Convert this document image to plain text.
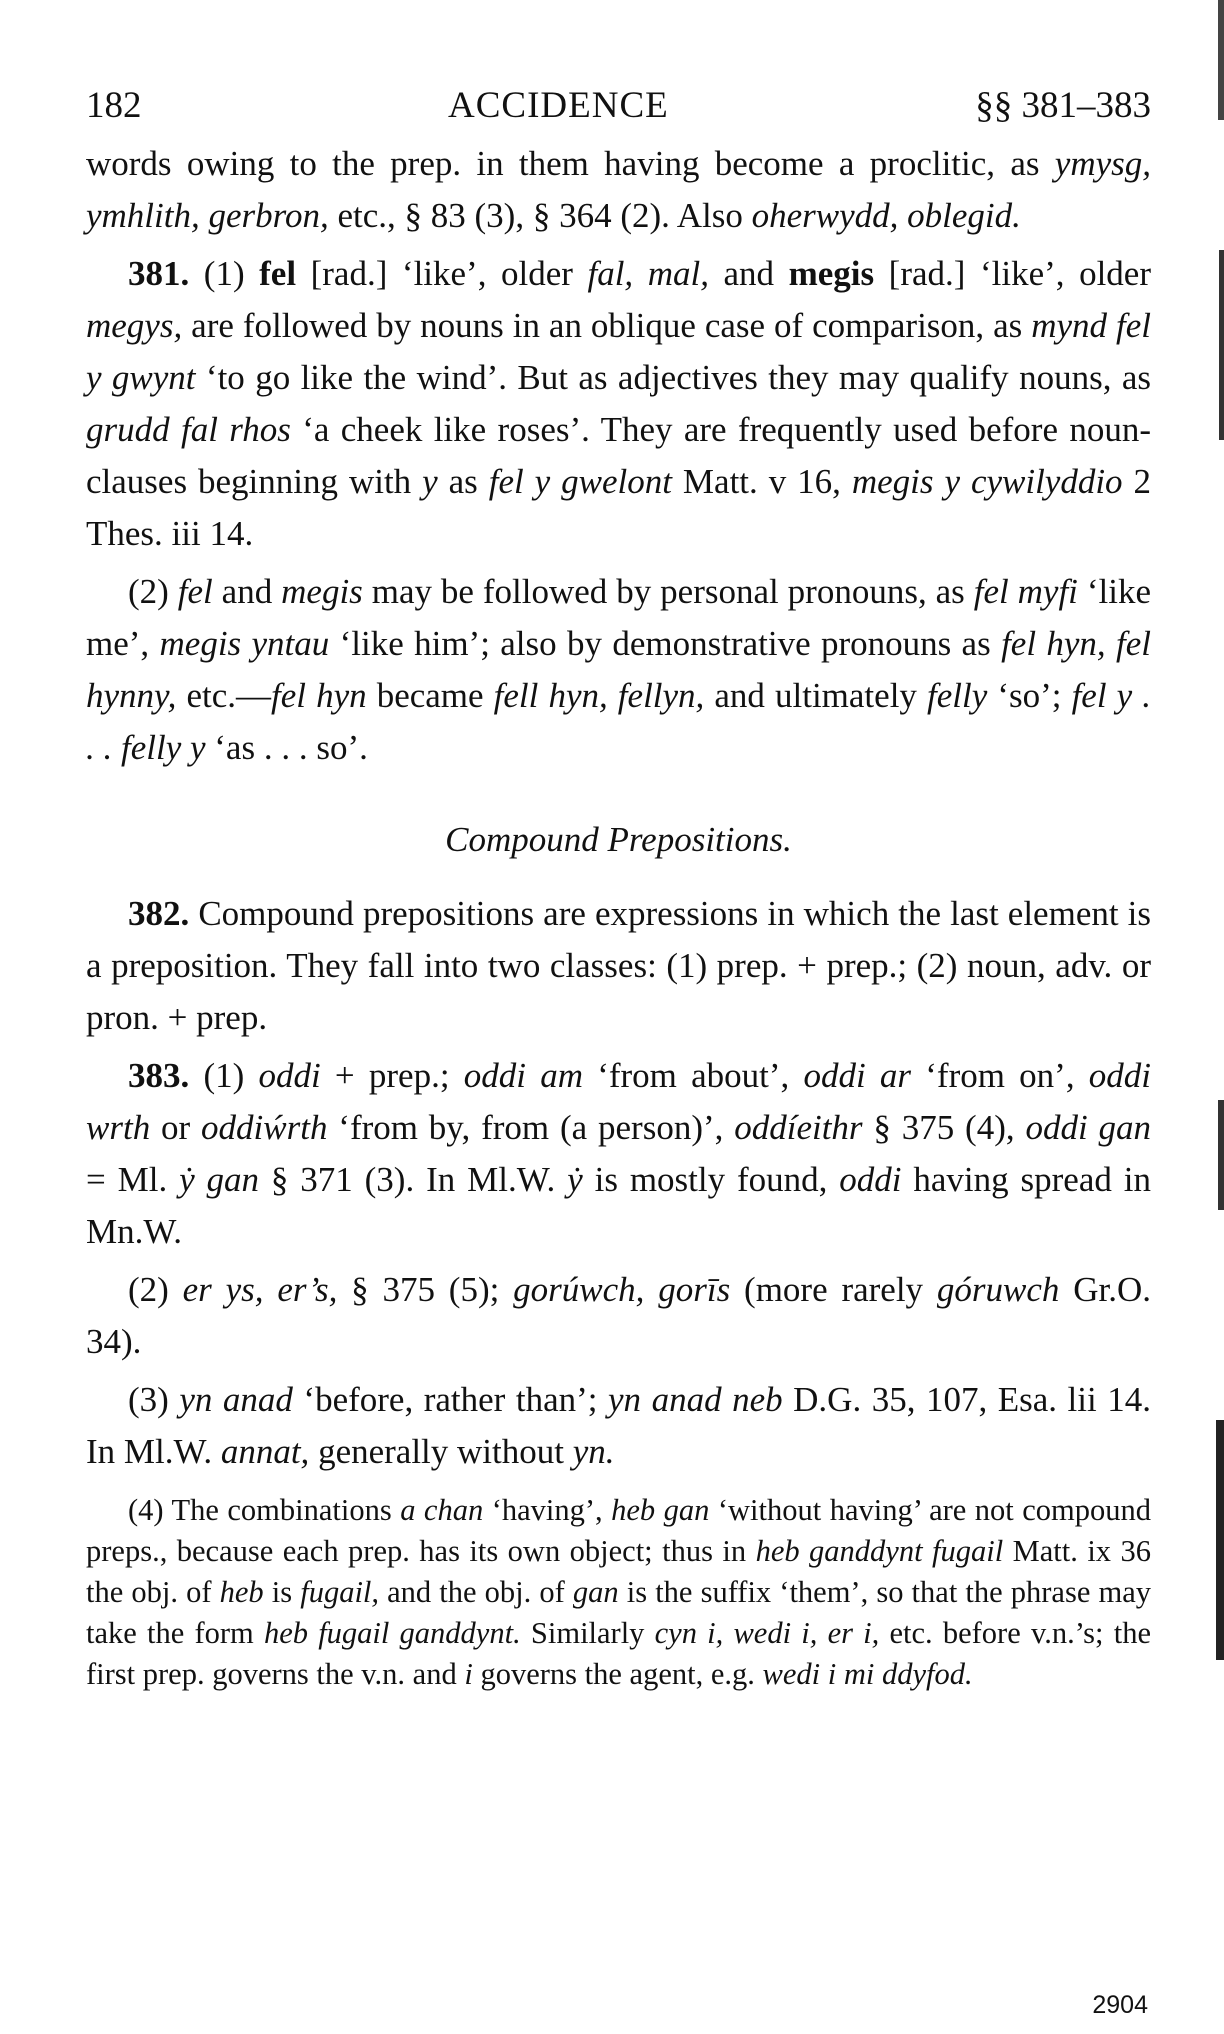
182	ACCIDENCE	§§ 381–383

words owing to the prep. in them having become a proclitic, as ymysg, ymhlith, gerbron, etc., § 83 (3), § 364 (2). Also oherwydd, oblegid.

381. (1) fel [rad.] ‘like’, older fal, mal, and megis [rad.] ‘like’, older megys, are followed by nouns in an oblique case of comparison, as mynd fel y gwynt ‘to go like the wind’. But as adjectives they may qualify nouns, as grudd fal rhos ‘a cheek like roses’. They are frequently used before noun-clauses beginning with y as fel y gwelont Matt. v 16, megis y cywilyddio 2 Thes. iii 14.

(2) fel and megis may be followed by personal pronouns, as fel myfi ‘like me’, megis yntau ‘like him’; also by demonstrative pronouns as fel hyn, fel hynny, etc.—fel hyn became fell hyn, fellyn, and ultimately felly ‘so’; fel y . . . felly y ‘as . . . so’.

Compound Prepositions.

382. Compound prepositions are expressions in which the last element is a preposition. They fall into two classes: (1) prep. + prep.; (2) noun, adv. or pron. + prep.

383. (1) oddi + prep.; oddi am ‘from about’, oddi ar ‘from on’, oddi wrth or oddiẃrth ‘from by, from (a person)’, oddíeithr § 375 (4), oddi gan = Ml. ẏ gan § 371 (3). In Ml.W. ẏ is mostly found, oddi having spread in Mn.W.

(2) er ys, er’s, § 375 (5); gorúwch, gorīs (more rarely góruwch Gr.O. 34).

(3) yn anad ‘before, rather than’; yn anad neb D.G. 35, 107, Esa. lii 14. In Ml.W. annat, generally without yn.

(4) The combinations a chan ‘having’, heb gan ‘without having’ are not compound preps., because each prep. has its own object; thus in heb ganddynt fugail Matt. ix 36 the obj. of heb is fugail, and the obj. of gan is the suffix ‘them’, so that the phrase may take the form heb fugail ganddynt. Similarly cyn i, wedi i, er i, etc. before v.n.’s; the first prep. governs the v.n. and i governs the agent, e.g. wedi i mi ddyfod.

2904
